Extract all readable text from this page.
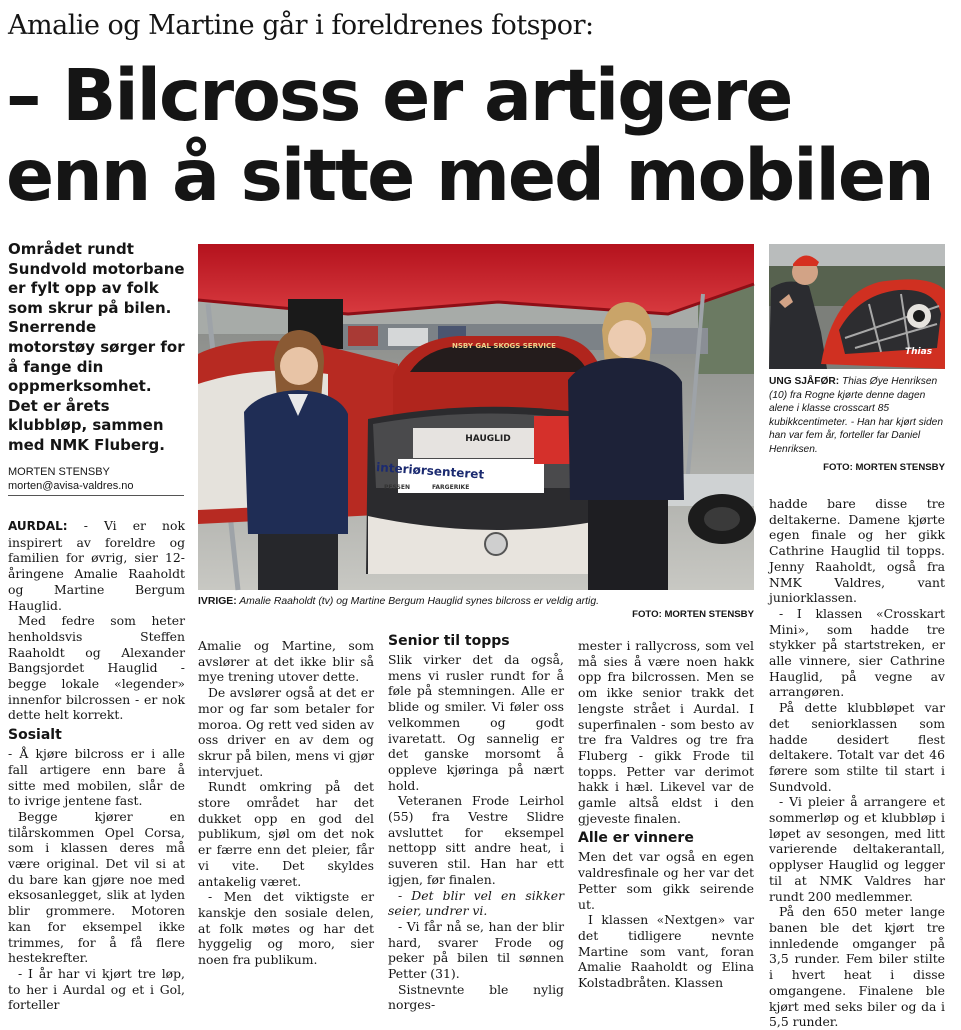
Amalie og Martine går i foreldrenes fotspor:
– Bilcross er artigere
enn å sitte med mobilen
Området rundt Sundvold motorbane er fylt opp av folk som skrur på bilen. Snerrende motorstøy sørger for å fange din oppmerksomhet. Det er årets klubbløp, sammen med NMK Fluberg.
MORTEN STENSBY
morten@avisa-valdres.no
NSBY GAL SKOGS SERVICE
HAUGLID
interiørsenteret
FARGERIKE
PESSEN
IVRIGE: Amalie Raaholdt (tv) og Martine Bergum Hauglid synes bilcross er veldig artig.
FOTO: MORTEN STENSBY
Thias
UNG SJÅFØR: Thias Øye Henriksen (10) fra Rogne kjørte denne dagen alene i klasse crosscart 85 kubikkcentimeter. - Han har kjørt siden han var fem år, forteller far Daniel Henriksen.
FOTO: MORTEN STENSBY

AURDAL: - Vi er nok inspirert av foreldre og familien for øvrig, sier 12-åringene Amalie Raaholdt og Martine Bergum Hauglid.

Med fedre som heter henholdsvis Steffen Raaholdt og Alexander Bangsjordet Hauglid - begge lokale «legender» innenfor bilcrossen - er nok dette helt korrekt.

Sosialt

- Å kjøre bilcross er i alle fall artigere enn bare å sitte med mobilen, slår de to ivrige jentene fast.

Begge kjører en tilårskommen Opel Corsa, som i klassen deres må være original. Det vil si at du bare kan gjøre noe med eksosanlegget, slik at lyden blir grommere. Motoren kan for eksempel ikke trimmes, for å få flere hestekrefter.

- I år har vi kjørt tre løp, to her i Aurdal og et i Gol, forteller

Amalie og Martine, som avslører at det ikke blir så mye trening utover dette.

De avslører også at det er mor og far som betaler for moroa. Og rett ved siden av oss driver en av dem og skrur på bilen, mens vi gjør intervjuet.

Rundt omkring på det store området har det dukket opp en god del publikum, sjøl om det nok er færre enn det pleier, får vi vite. Det skyldes antakelig været.

- Men det viktigste er kanskje den sosiale delen, at folk møtes og har det hyggelig og moro, sier noen fra publikum.

Senior til topps

Slik virker det da også, mens vi rusler rundt for å føle på stemningen. Alle er blide og smiler. Vi føler oss velkommen og godt ivaretatt. Og sannelig er det ganske morsomt å oppleve kjøringa på nært hold.

Veteranen Frode Leirhol (55) fra Vestre Slidre avsluttet for eksempel nettopp sitt andre heat, i suveren stil. Han har ett igjen, før finalen.

- Det blir vel en sikker seier, undrer vi.

- Vi får nå se, han der blir hard, svarer Frode og peker på bilen til sønnen Petter (31).

Sistnevnte ble nylig norges-

mester i rallycross, som vel må sies å være noen hakk opp fra bilcrossen. Men se om ikke senior trakk det lengste strået i Aurdal. I superfinalen - som besto av tre fra Valdres og tre fra Fluberg - gikk Frode til topps. Petter var derimot hakk i hæl. Likevel var de gamle altså eldst i den gjeveste finalen.

Alle er vinnere

Men det var også en egen valdresfinale og her var det Petter som gikk seirende ut.

I klassen «Nextgen» var det tidligere nevnte Martine som vant, foran Amalie Raaholdt og Elina Kolstadbråten. Klassen

hadde bare disse tre deltakerne. Damene kjørte egen finale og her gikk Cathrine Hauglid til topps. Jenny Raaholdt, også fra NMK Valdres, vant juniorklassen.

- I klassen «Crosskart Mini», som hadde tre stykker på startstreken, er alle vinnere, sier Cathrine Hauglid, på vegne av arrangøren.

På dette klubbløpet var det seniorklassen som hadde desidert flest deltakere. Totalt var det 46 førere som stilte til start i Sundvold.

- Vi pleier å arrangere et sommerløp og et klubbløp i løpet av sesongen, med litt varierende deltakerantall, opplyser Hauglid og legger til at NMK Valdres har rundt 200 medlemmer.

På den 650 meter lange banen ble det kjørt tre innledende omganger på 3,5 runder. Fem biler stilte i hvert heat i disse omgangene. Finalene ble kjørt med seks biler og da i 5,5 runder.
